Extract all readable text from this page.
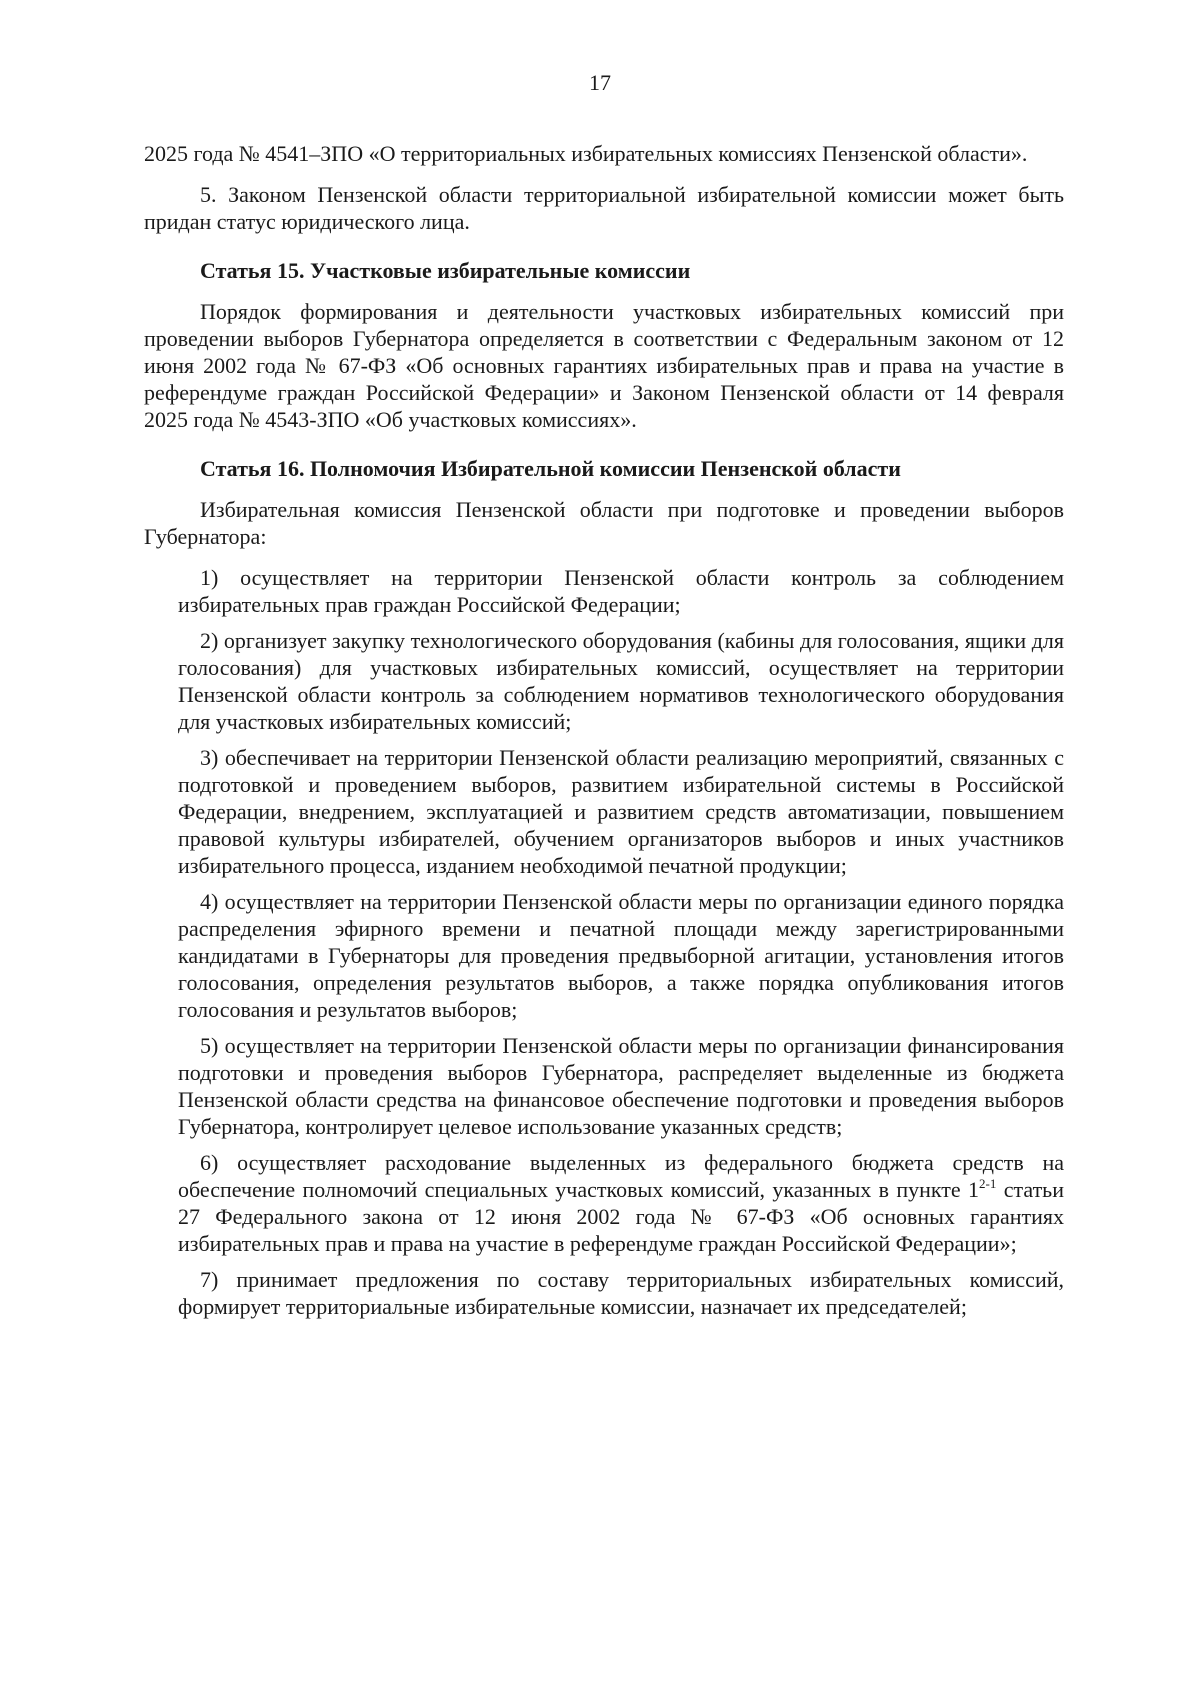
17

2025 года № 4541–ЗПО «О территориальных избирательных комиссиях Пензенской области».

5. Законом Пензенской области территориальной избирательной комиссии может быть придан статус юридического лица.

Статья 15. Участковые избирательные комиссии

Порядок формирования и деятельности участковых избирательных комиссий при проведении выборов Губернатора определяется в соответствии с Федеральным законом от 12 июня 2002 года № 67-ФЗ «Об основных гарантиях избирательных прав и права на участие в референдуме граждан Российской Федерации» и Законом Пензенской области от 14 февраля 2025 года № 4543-ЗПО «Об участковых комиссиях».

Статья 16. Полномочия Избирательной комиссии Пензенской области

Избирательная комиссия Пензенской области при подготовке и проведении выборов Губернатора:

1) осуществляет на территории Пензенской области контроль за соблюдением избирательных прав граждан Российской Федерации;

2) организует закупку технологического оборудования (кабины для голосования, ящики для голосования) для участковых избирательных комиссий, осуществляет на территории Пензенской области контроль за соблюдением нормативов технологического оборудования для участковых избирательных комиссий;

3) обеспечивает на территории Пензенской области реализацию мероприятий, связанных с подготовкой и проведением выборов, развитием избирательной системы в Российской Федерации, внедрением, эксплуатацией и развитием средств автоматизации, повышением правовой культуры избирателей, обучением организаторов выборов и иных участников избирательного процесса, изданием необходимой печатной продукции;

4) осуществляет на территории Пензенской области меры по организации единого порядка распределения эфирного времени и печатной площади между зарегистрированными кандидатами в Губернаторы для проведения предвыборной агитации, установления итогов голосования, определения результатов выборов, а также порядка опубликования итогов голосования и результатов выборов;

5) осуществляет на территории Пензенской области меры по организации финансирования подготовки и проведения выборов Губернатора, распределяет выделенные из бюджета Пензенской области средства на финансовое обеспечение подготовки и проведения выборов Губернатора, контролирует целевое использование указанных средств;

6) осуществляет расходование выделенных из федерального бюджета средств на обеспечение полномочий специальных участковых комиссий, указанных в пункте 1$^{2-1}$ статьи 27 Федерального закона от 12 июня 2002 года № 67-ФЗ «Об основных гарантиях избирательных прав и права на участие в референдуме граждан Российской Федерации»;

7) принимает предложения по составу территориальных избирательных комиссий, формирует территориальные избирательные комиссии, назначает их председателей;
